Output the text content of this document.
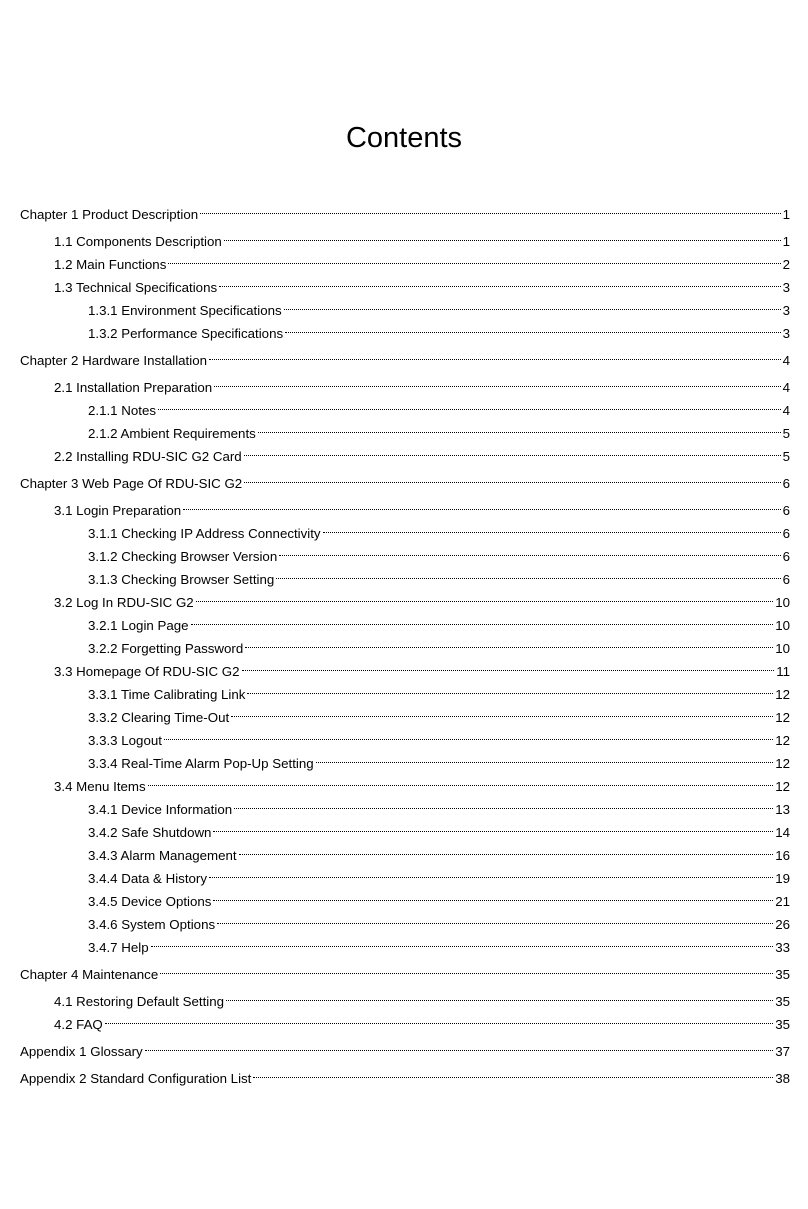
Contents
Chapter 1 Product Description	1
1.1 Components Description	1
1.2 Main Functions	2
1.3 Technical Specifications	3
1.3.1 Environment Specifications	3
1.3.2 Performance Specifications	3
Chapter 2 Hardware Installation	4
2.1 Installation Preparation	4
2.1.1 Notes	4
2.1.2 Ambient Requirements	5
2.2 Installing RDU-SIC G2 Card	5
Chapter 3 Web Page Of RDU-SIC G2	6
3.1 Login Preparation	6
3.1.1 Checking IP Address Connectivity	6
3.1.2 Checking Browser Version	6
3.1.3 Checking Browser Setting	6
3.2 Log In RDU-SIC G2	10
3.2.1 Login Page	10
3.2.2 Forgetting Password	10
3.3 Homepage Of RDU-SIC G2	11
3.3.1 Time Calibrating Link	12
3.3.2 Clearing Time-Out	12
3.3.3 Logout	12
3.3.4 Real-Time Alarm Pop-Up Setting	12
3.4 Menu Items	12
3.4.1 Device Information	13
3.4.2 Safe Shutdown	14
3.4.3 Alarm Management	16
3.4.4 Data & History	19
3.4.5 Device Options	21
3.4.6 System Options	26
3.4.7 Help	33
Chapter 4 Maintenance	35
4.1 Restoring Default Setting	35
4.2 FAQ	35
Appendix 1 Glossary	37
Appendix 2 Standard Configuration List	38
